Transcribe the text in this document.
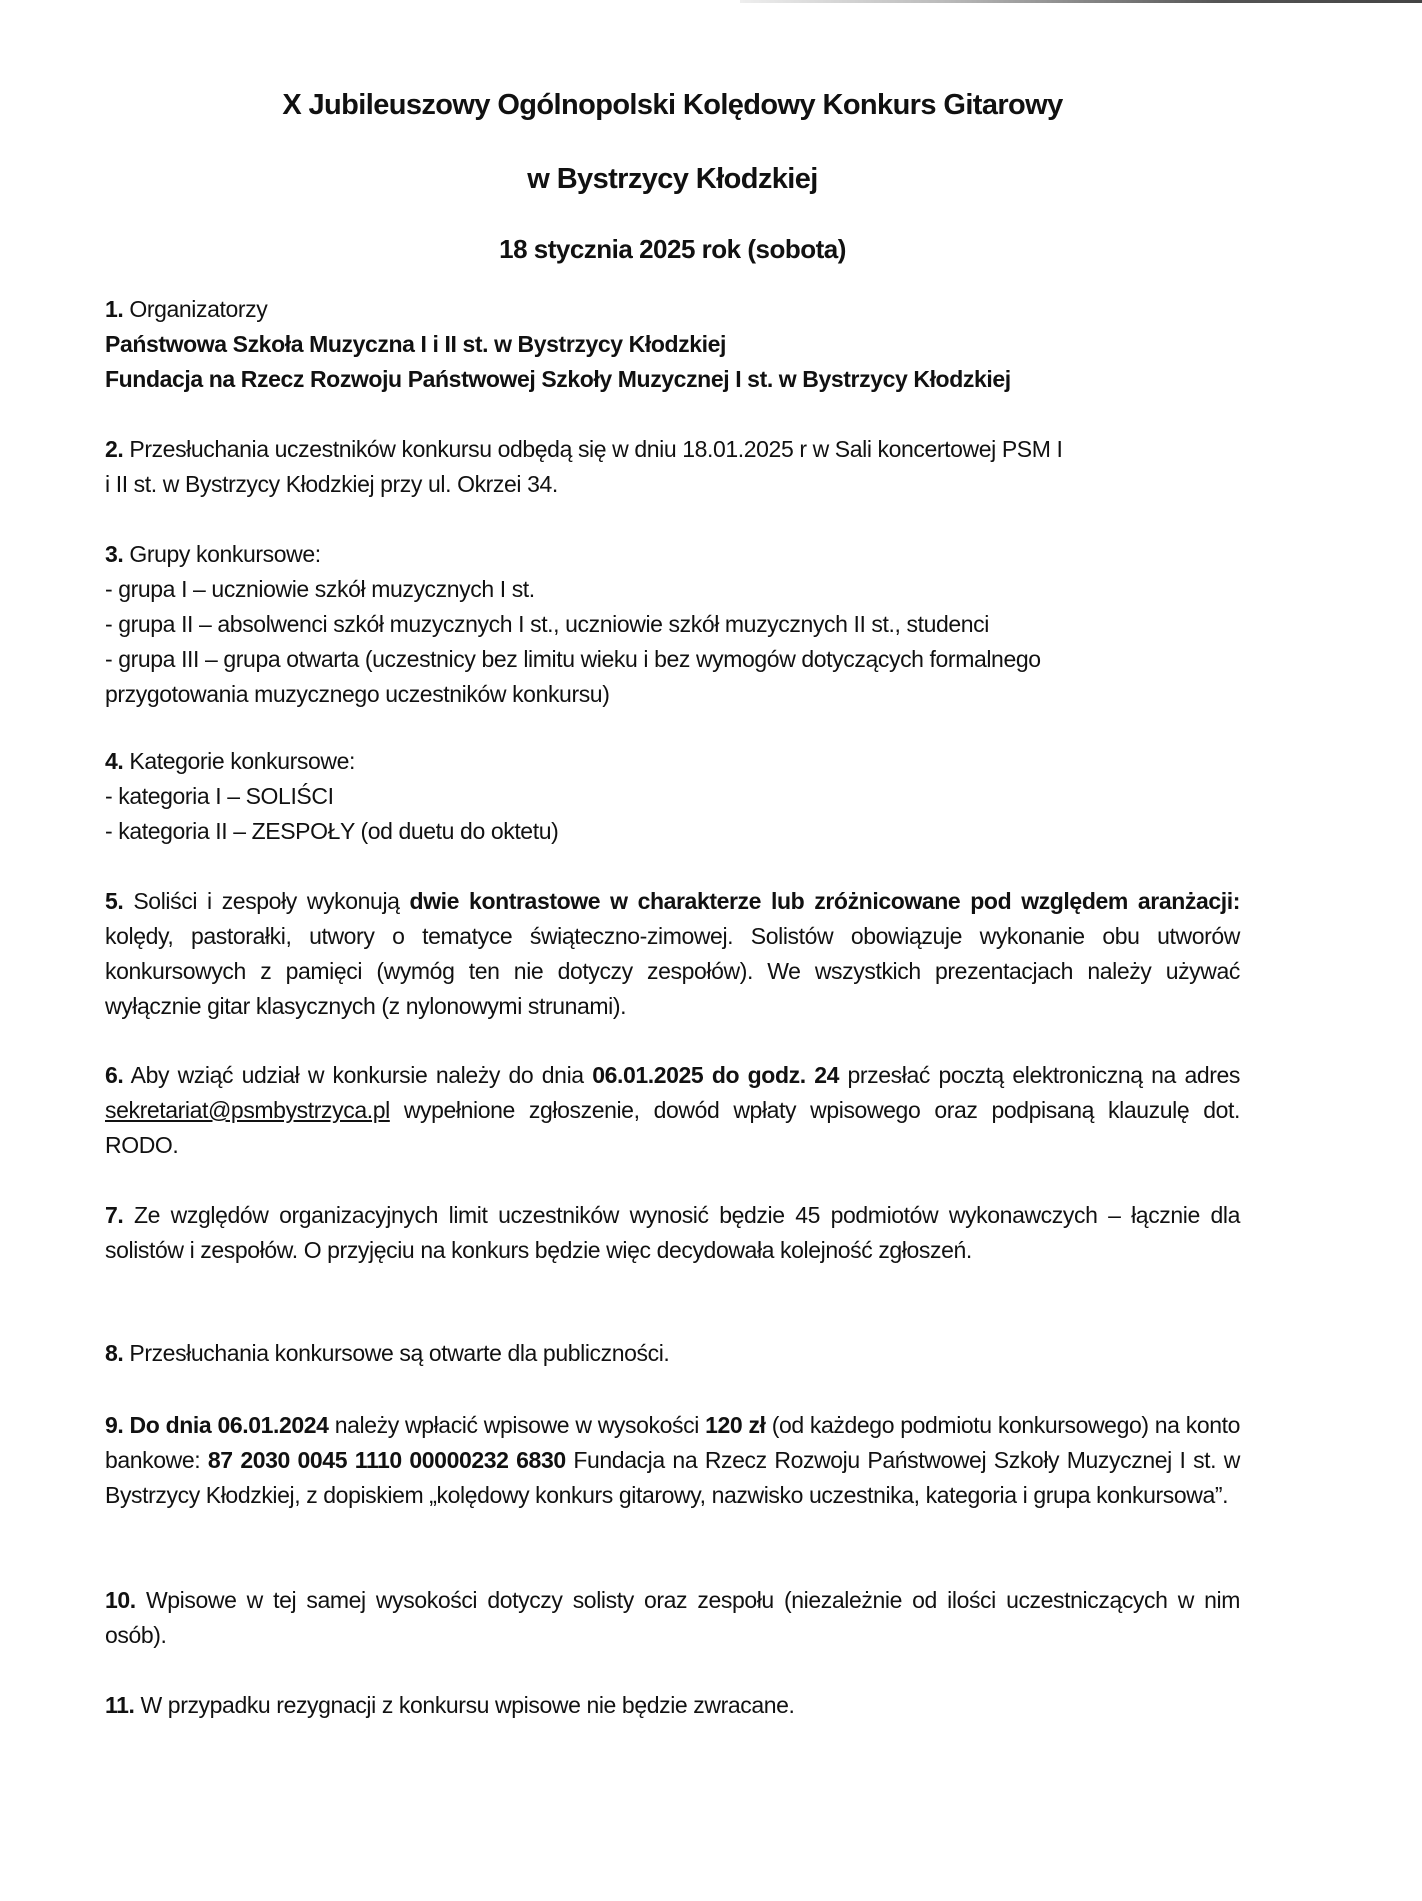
X Jubileuszowy Ogólnopolski Kolędowy Konkurs Gitarowy
w Bystrzycy Kłodzkiej
18 stycznia 2025 rok (sobota)

1. Organizatorzy

Państwowa Szkoła Muzyczna I i II st. w Bystrzycy Kłodzkiej

Fundacja na Rzecz Rozwoju Państwowej Szkoły Muzycznej I st. w Bystrzycy Kłodzkiej

2. Przesłuchania uczestników konkursu odbędą się w dniu 18.01.2025 r w Sali koncertowej PSM I

i II st. w Bystrzycy Kłodzkiej przy ul. Okrzei 34.

3. Grupy konkursowe:

- grupa I – uczniowie szkół muzycznych I st.

- grupa II – absolwenci szkół muzycznych I st., uczniowie szkół muzycznych II st., studenci

- grupa III – grupa otwarta (uczestnicy bez limitu wieku i bez wymogów dotyczących formalnego

przygotowania muzycznego uczestników konkursu)

4. Kategorie konkursowe:

- kategoria I – SOLIŚCI

- kategoria II – ZESPOŁY (od duetu do oktetu)

5. Soliści i zespoły wykonują dwie kontrastowe w charakterze lub zróżnicowane pod względem aranżacji: kolędy, pastorałki, utwory o tematyce świąteczno-zimowej. Solistów obowiązuje wykonanie obu utworów konkursowych z pamięci (wymóg ten nie dotyczy zespołów). We wszystkich prezentacjach należy używać wyłącznie gitar klasycznych (z nylonowymi strunami).
6. Aby wziąć udział w konkursie należy do dnia 06.01.2025 do godz. 24 przesłać pocztą elektroniczną na adres sekretariat@psmbystrzyca.pl wypełnione zgłoszenie, dowód wpłaty wpisowego oraz podpisaną klauzulę dot. RODO.
7. Ze względów organizacyjnych limit uczestników wynosić będzie 45 podmiotów wykonawczych – łącznie dla solistów i zespołów. O przyjęciu na konkurs będzie więc decydowała kolejność zgłoszeń.
8. Przesłuchania konkursowe są otwarte dla publiczności.
9. Do dnia 06.01.2024 należy wpłacić wpisowe w wysokości 120 zł (od każdego podmiotu konkursowego) na konto bankowe: 87 2030 0045 1110 00000232 6830 Fundacja na Rzecz Rozwoju Państwowej Szkoły Muzycznej I st. w Bystrzycy Kłodzkiej, z dopiskiem „kolędowy konkurs gitarowy, nazwisko uczestnika, kategoria i grupa konkursowa”.
10. Wpisowe w tej samej wysokości dotyczy solisty oraz zespołu (niezależnie od ilości uczestniczących w nim osób).
11. W przypadku rezygnacji z konkursu wpisowe nie będzie zwracane.
